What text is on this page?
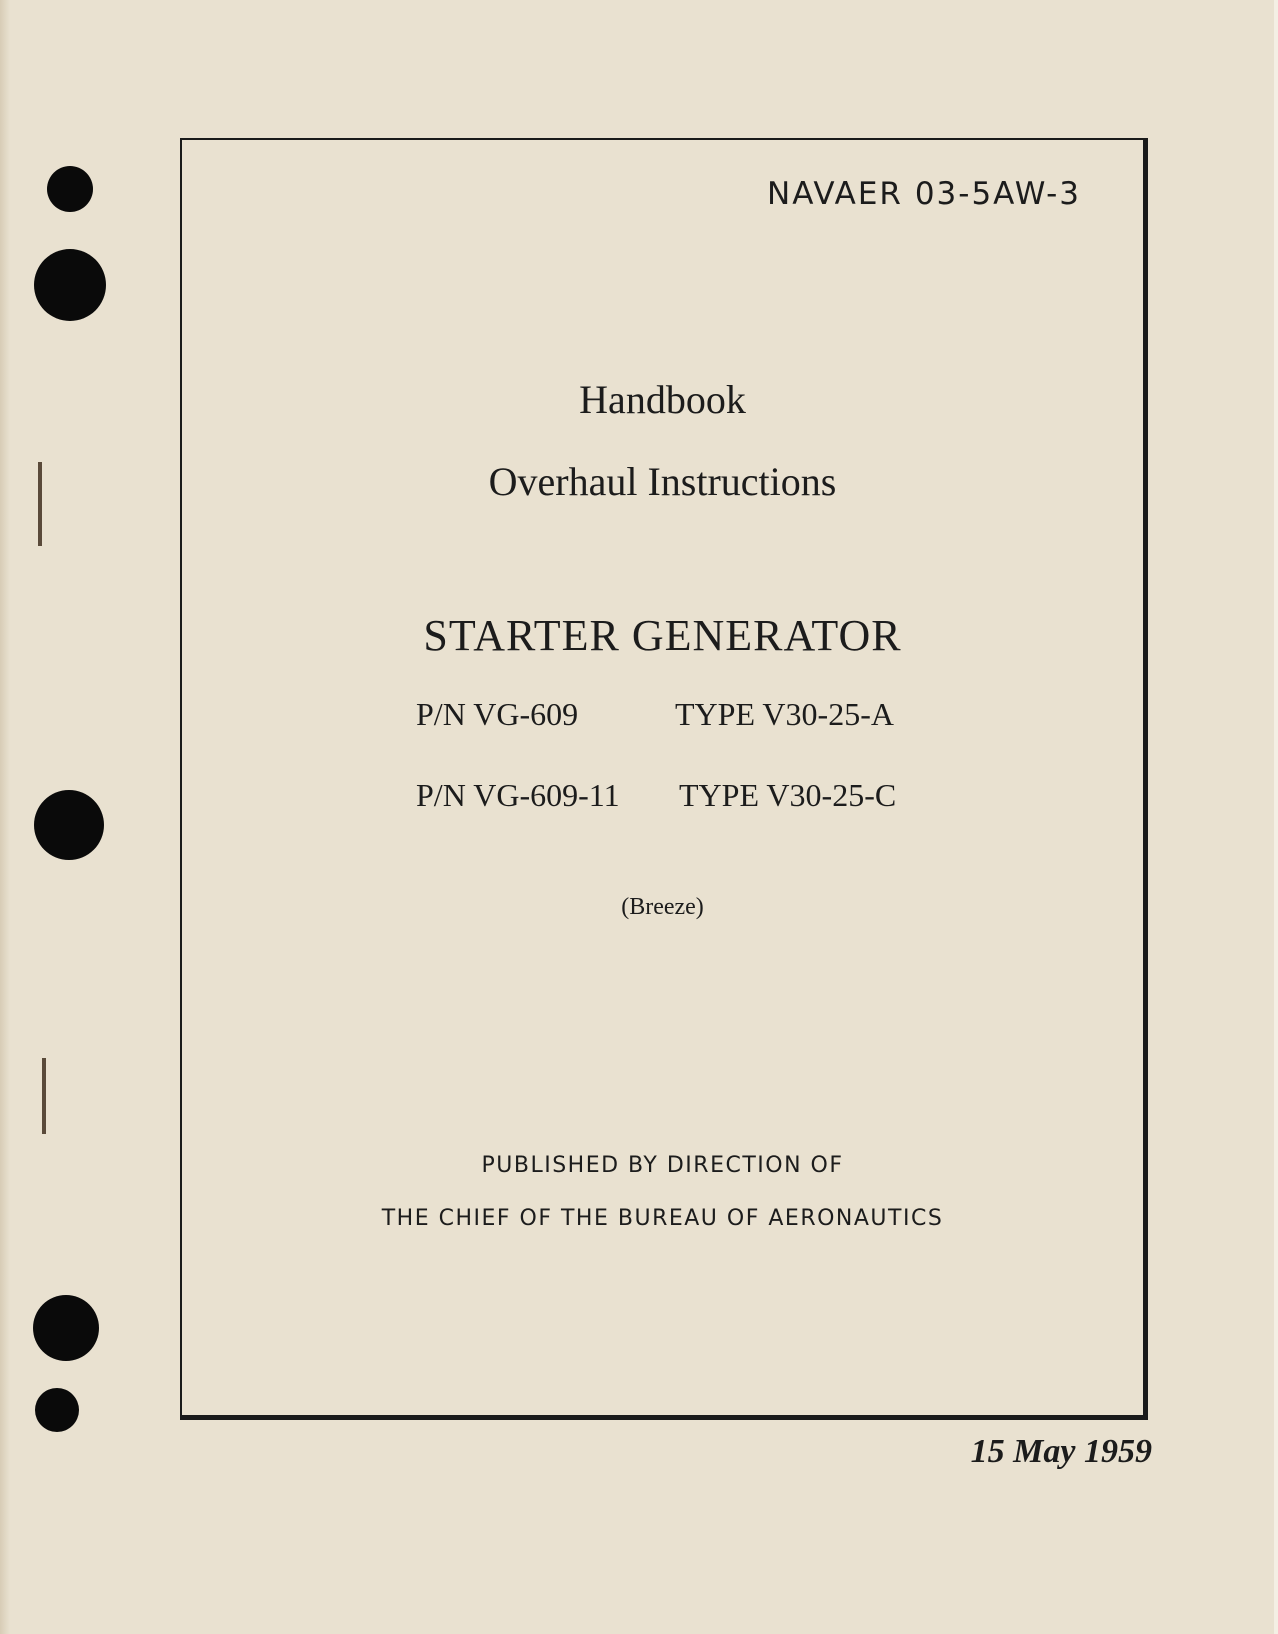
NAVAER 03-5AW-3
Handbook
Overhaul Instructions
STARTER GENERATOR
P/N VG-609	TYPE V30-25-A
P/N VG-609-11 TYPE V30-25-C
(Breeze)
PUBLISHED BY DIRECTION OF
THE CHIEF OF THE BUREAU OF AERONAUTICS
15 May 1959
